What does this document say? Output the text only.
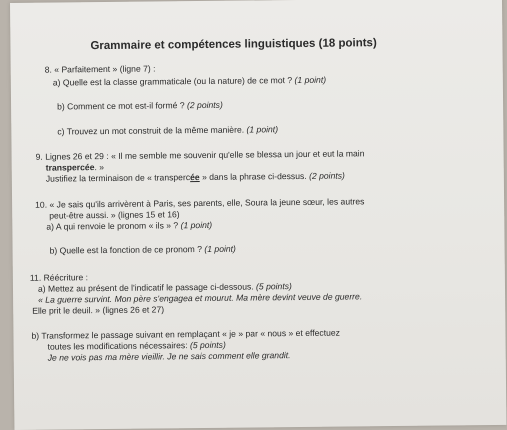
Grammaire et compétences linguistiques (18 points)
8. « Parfaitement » (ligne 7) :
a) Quelle est la classe grammaticale (ou la nature) de ce mot ? (1 point)
b) Comment ce mot est-il formé ? (2 points)
c) Trouvez un mot construit de la même manière. (1 point)
9. Lignes 26 et 29 : « Il me semble me souvenir qu'elle se blessa un jour et eut la main
transpercée. »
Justifiez la terminaison de « transpercée » dans la phrase ci-dessus. (2 points)
10. « Je sais qu'ils arrivèrent à Paris, ses parents, elle, Soura la jeune sœur, les autres
peut-être aussi. » (lignes 15 et 16)
a) A qui renvoie le pronom « ils » ? (1 point)
b) Quelle est la fonction de ce pronom ? (1 point)
11. Réécriture :
a) Mettez au présent de l'indicatif le passage ci-dessous. (5 points)
« La guerre survint. Mon père s'engagea et mourut. Ma mère devint veuve de guerre.
Elle prit le deuil. » (lignes 26 et 27)
b) Transformez le passage suivant en remplaçant « je » par « nous » et effectuez
toutes les modifications nécessaires: (5 points)
Je ne vois pas ma mère vieillir. Je ne sais comment elle grandit.
